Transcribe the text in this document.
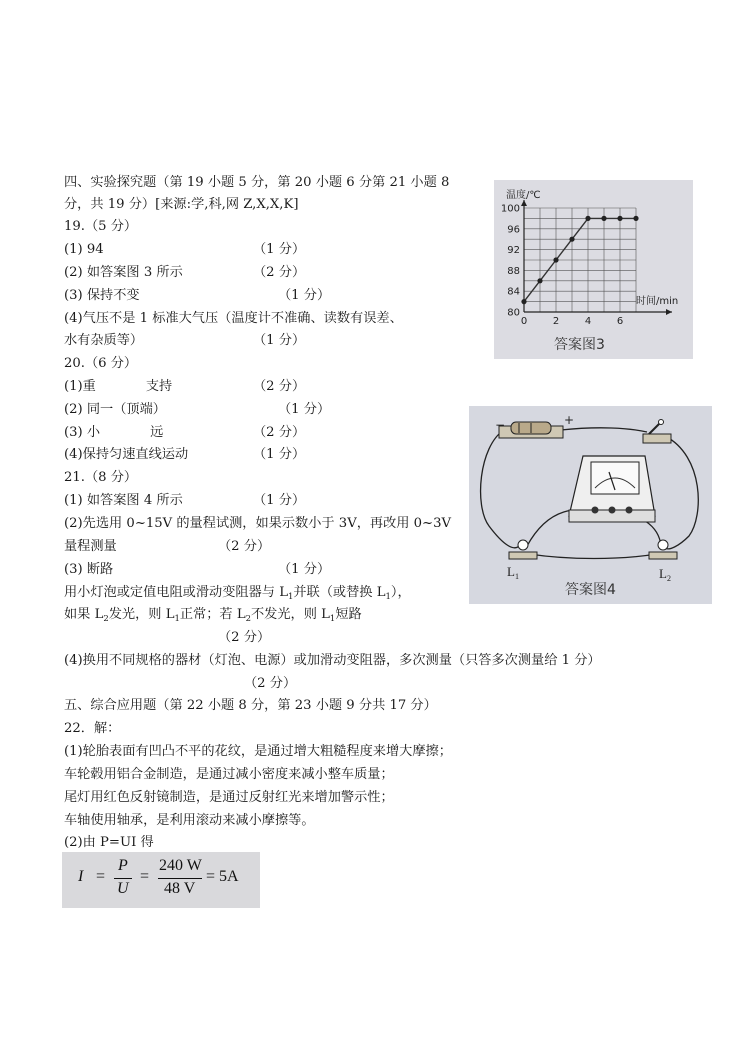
四、实验探究题（第 19 小题 5 分，第 20 小题 6 分第 21 小题 8
分，共 19 分）[来源:学,科,网 Z,X,X,K]
19.（5 分）
(1) 94	（1 分）
(2) 如答案图 3 所示	（2 分）
(3) 保持不变	（1 分）
(4)气压不是 1 标准大气压（温度计不准确、读数有误差、
水有杂质等）	（1 分）
20.（6 分）
(1)重	支持	（2 分）
(2) 同一（顶端）	（1 分）
(3) 小	远	（2 分）
(4)保持匀速直线运动	（1 分）
21.（8 分）
(1) 如答案图 4 所示	（1 分）
(2)先选用 0~15V 的量程试测，如果示数小于 3V，再改用 0~3V
量程测量	（2 分）
(3) 断路	（1 分）
用小灯泡或定值电阻或滑动变阻器与 $L_1$并联（或替换 $L_1$），
如果 $L_2$发光，则 $L_1$正常；若 $L_2$不发光，则 $L_1$短路
（2 分）
(4)换用不同规格的器材（灯泡、电源）或加滑动变阻器，多次测量（只答多次测量给 1 分）
（2 分）
五、综合应用题（第 22 小题 8 分，第 23 小题 9 分共 17 分）
22．解：
(1)轮胎表面有凹凸不平的花纹，是通过增大粗糙程度来增大摩擦；
车轮毂用铝合金制造，是通过减小密度来减小整车质量；
尾灯用红色反射镜制造，是通过反射红光来增加警示性；
车轴使用轴承，是利用滚动来减小摩擦等。
(2)由 P=UI 得
I =
P
U
=
240 W
48 V
= 5A
0	2	4	6
80
84
88
92
96
100
温度/℃
时间/min
答案图3
−	+
$L_1$	$L_2$
答案图4
